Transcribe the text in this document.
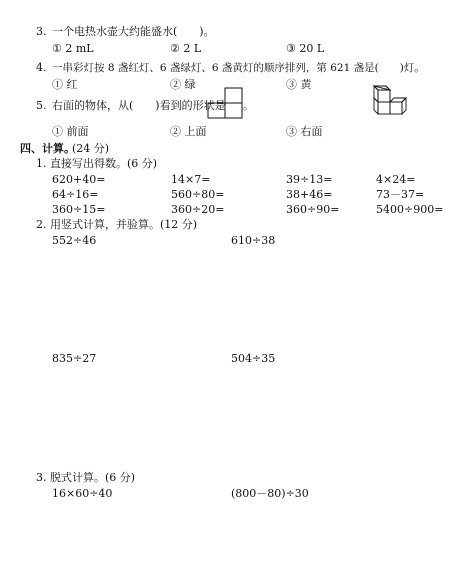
3. 一个电热水壶大约能盛水(　　)。
① 2 mL	② 2 L	③ 20 L
4. 一串彩灯按 8 盏红灯、6 盏绿灯、6 盏黄灯的顺序排列，第 621 盏是(　　)灯。
① 红	② 绿	③ 黄
5. 右面的物体，从(　　)看到的形状是 。
① 前面	② 上面	③ 右面
四、计算。
(24 分)
1. 直接写出得数。(6 分)
620+40=	14×7=	39÷13=	4×24=
64÷16=	560÷80=	38+46=	73－37=
360÷15=	360÷20=	360÷90=	5400÷900=
2. 用竖式计算，并验算。(12 分)
552÷46	610÷38
835÷27	504÷35
3. 脱式计算。(6 分)
16×60÷40	(800－80)÷30
